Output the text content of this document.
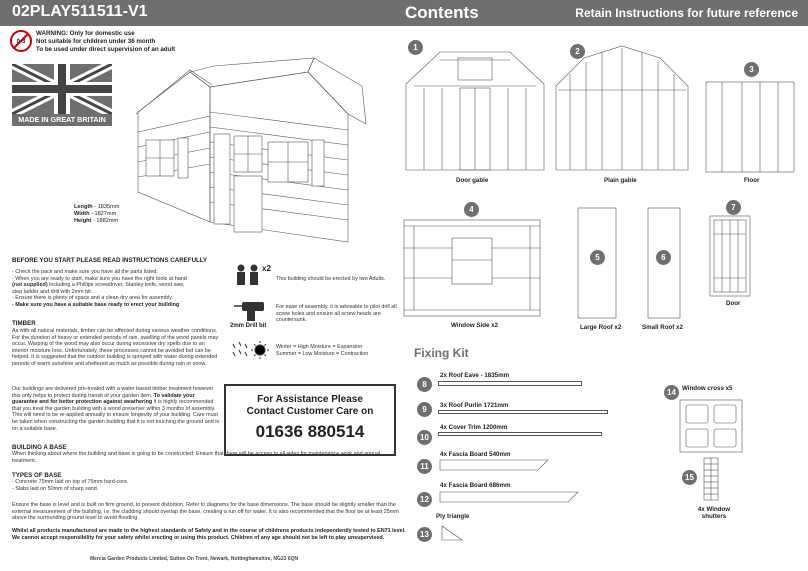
02PLAY511511-V1	Contents	Retain Instructions for future reference
0-3
WARNING: Only for domestic use
Not suitable for children under 36 month
To be used under direct supervision of an adult
MADE IN GREAT BRITAIN
Length - 1835mm
Width - 1827mm
Height - 1882mm
BEFORE YOU START PLEASE READ INSTRUCTIONS CAREFULLY
- Check the pack and make sure you have all the parts listed.
- When you are ready to start, make sure you have the right tools at hand
(not supplied) including a Phillips screwdriver, Stanley knife, wood saw,
step ladder and drill with 2mm bit.
- Ensure there is plenty of space and a clean dry area for assembly.
- Make sure you have a suitable base ready to erect your building
TIMBER
As with all natural materials, timber can be affected during various weather conditions. For the duration of heavy or extended periods of rain, swelling of the wood panels may occur. Warping of the wood may also occur during excessive dry spells due to an interior moisture loss. Unfortunately, these processes cannot be avoided but can be helped. It is suggested that the outdoor building is sprayed with water during extended periods of warm sunshine and sheltered as much as possible during rain or snow.
Our buildings are delivered pre-treated with a water based timber treatment however this only helps to protect during transit of your garden item. To validate your guarantee and for better protection against weathering it is highly recommended that you treat the garden building with a wood preserver within 3 months of assembly. This will need to be re-applied annually to ensure longevity of your building. Care must be taken when constructing the garden building that it is not touching the ground and is on a suitable base.
BUILDING A BASE
When thinking about where the building and base is going to be constructed; Ensure that there will be access to all sides for maintenance work and annual treatment.
TYPES OF BASE
- Concrete 75mm laid on top of 75mm hard-core.
- Slabs laid on 50mm of sharp sand.
Ensure the base is level and is built on firm ground, to prevent distortion. Refer to diagrams for the base dimensions. The base should be slightly smaller than the external measurement of the building, i.e. the cladding should overlap the base, creating a run off for water. It is also recommended that the floor be at least 25mm above the surrounding ground level to avoid flooding.
Whilst all products manufactured are made to the highest standards of Safety and in the course of childrens products independently tested to EN71 level. We cannot accept responsibility for your safety whilst erecting or using this product. Children of any age should not be left to play unsupervised.
x2
This building should be erected by two Adults.
2mm Drill bit
For ease of assembly, it is advisable to pilot drill all screw holes and ensure all screw heads are countersunk.
Winter = High Moisture = Expansion
Summer = Low Moisture = Contraction
For Assistance Please
Contact Customer Care on
01636 880514
1
Door gable
2
Plain gable
3
Floor
4
Window Side x2
5
Large Roof x2
6
Small Roof x2
7
Door
Fixing Kit
8
2x Roof Eave - 1835mm
9	3x Roof Purlin 1721mm
10
4x Cover Trim 1200mm
11
4x Fascia Board 540mm
12
4x Fascia Board 686mm
Ply triangle
13
14 Window cross x5
15
4x Window shutters
Mercia Garden Products Limited, Sutton On Trent, Newark, Nottinghamshire, NG23 6QN
